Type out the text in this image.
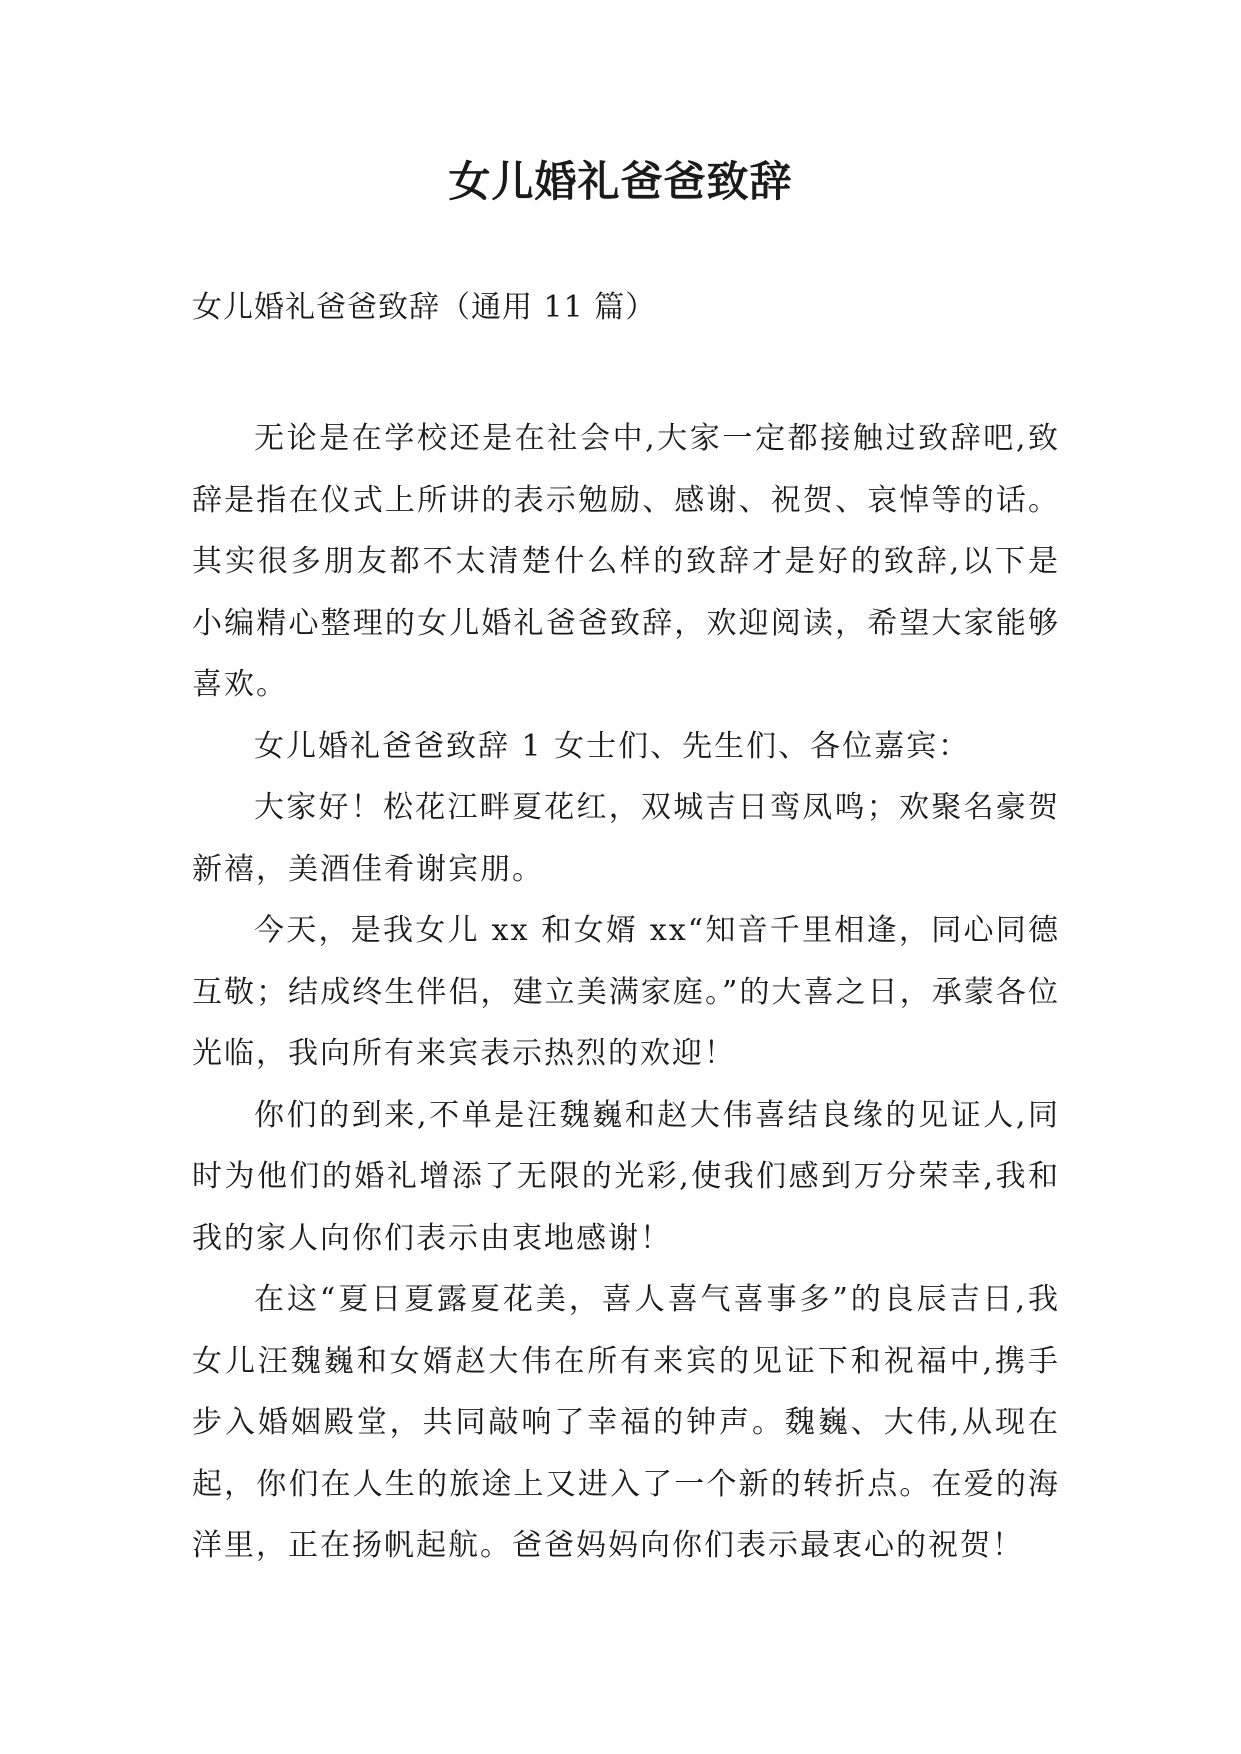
女儿婚礼爸爸致辞
女儿婚礼爸爸致辞（通用 11 篇）

无论是在学校还是在社会中,大家一定都接触过致辞吧,致辞是指在仪式上所讲的表示勉励、感谢、祝贺、哀悼等的话。其实很多朋友都不太清楚什么样的致辞才是好的致辞,以下是小编精心整理的女儿婚礼爸爸致辞，欢迎阅读，希望大家能够喜欢。

女儿婚礼爸爸致辞 1 女士们、先生们、各位嘉宾：

大家好！松花江畔夏花红，双城吉日鸾凤鸣；欢聚名豪贺新禧，美酒佳肴谢宾朋。

今天，是我女儿 xx 和女婿 xx“知音千里相逢，同心同德互敬；结成终生伴侣，建立美满家庭。”的大喜之日，承蒙各位光临，我向所有来宾表示热烈的欢迎！

你们的到来,不单是汪魏巍和赵大伟喜结良缘的见证人,同时为他们的婚礼增添了无限的光彩,使我们感到万分荣幸,我和我的家人向你们表示由衷地感谢！

在这“夏日夏露夏花美，喜人喜气喜事多”的良辰吉日,我女儿汪魏巍和女婿赵大伟在所有来宾的见证下和祝福中,携手步入婚姻殿堂，共同敲响了幸福的钟声。魏巍、大伟,从现在起，你们在人生的旅途上又进入了一个新的转折点。在爱的海洋里，正在扬帆起航。爸爸妈妈向你们表示最衷心的祝贺！
